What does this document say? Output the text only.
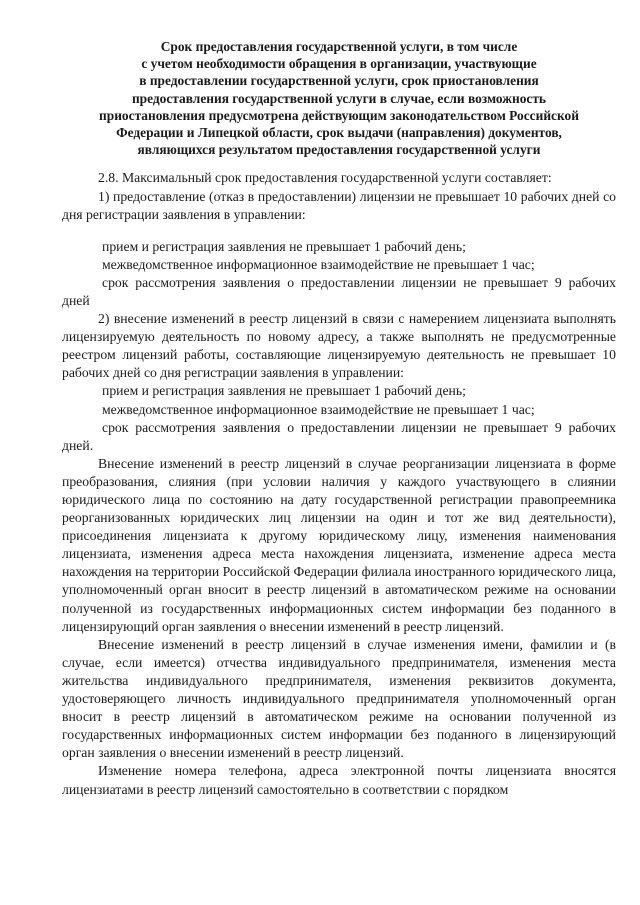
Срок предоставления государственной услуги, в том числе
с учетом необходимости обращения в организации, участвующие
в предоставлении государственной услуги, срок приостановления
предоставления государственной услуги в случае, если возможность
приостановления предусмотрена действующим законодательством Российской
Федерации и Липецкой области, срок выдачи (направления) документов,
являющихся результатом предоставления государственной услуги

2.8. Максимальный срок предоставления государственной услуги составляет:

1) предоставление (отказ в предоставлении) лицензии не превышает 10 рабочих дней со дня регистрации заявления в управлении:

прием и регистрация заявления не превышает 1 рабочий день;

межведомственное информационное взаимодействие не превышает 1 час;

срок рассмотрения заявления о предоставлении лицензии не превышает 9 рабочих дней

2) внесение изменений в реестр лицензий в связи с намерением лицензиата выполнять лицензируемую деятельность по новому адресу, а также выполнять не предусмотренные реестром лицензий работы, составляющие лицензируемую деятельность не превышает 10 рабочих дней со дня регистрации заявления в управлении:

прием и регистрация заявления не превышает 1 рабочий день;

межведомственное информационное взаимодействие не превышает 1 час;

срок рассмотрения заявления о предоставлении лицензии не превышает 9 рабочих дней.

Внесение изменений в реестр лицензий в случае реорганизации лицензиата в форме преобразования, слияния (при условии наличия у каждого участвующего в слиянии юридического лица по состоянию на дату государственной регистрации правопреемника реорганизованных юридических лиц лицензии на один и тот же вид деятельности), присоединения лицензиата к другому юридическому лицу, изменения наименования лицензиата, изменения адреса места нахождения лицензиата, изменение адреса места нахождения на территории Российской Федерации филиала иностранного юридического лица, уполномоченный орган вносит в реестр лицензий в автоматическом режиме на основании полученной из государственных информационных систем информации без поданного в лицензирующий орган заявления о внесении изменений в реестр лицензий.

Внесение изменений в реестр лицензий в случае изменения имени, фамилии и (в случае, если имеется) отчества индивидуального предпринимателя, изменения места жительства индивидуального предпринимателя, изменения реквизитов документа, удостоверяющего личность индивидуального предпринимателя уполномоченный орган вносит в реестр лицензий в автоматическом режиме на основании полученной из государственных информационных систем информации без поданного в лицензирующий орган заявления о внесении изменений в реестр лицензий.

Изменение номера телефона, адреса электронной почты лицензиата вносятся лицензиатами в реестр лицензий самостоятельно в соответствии с порядком
